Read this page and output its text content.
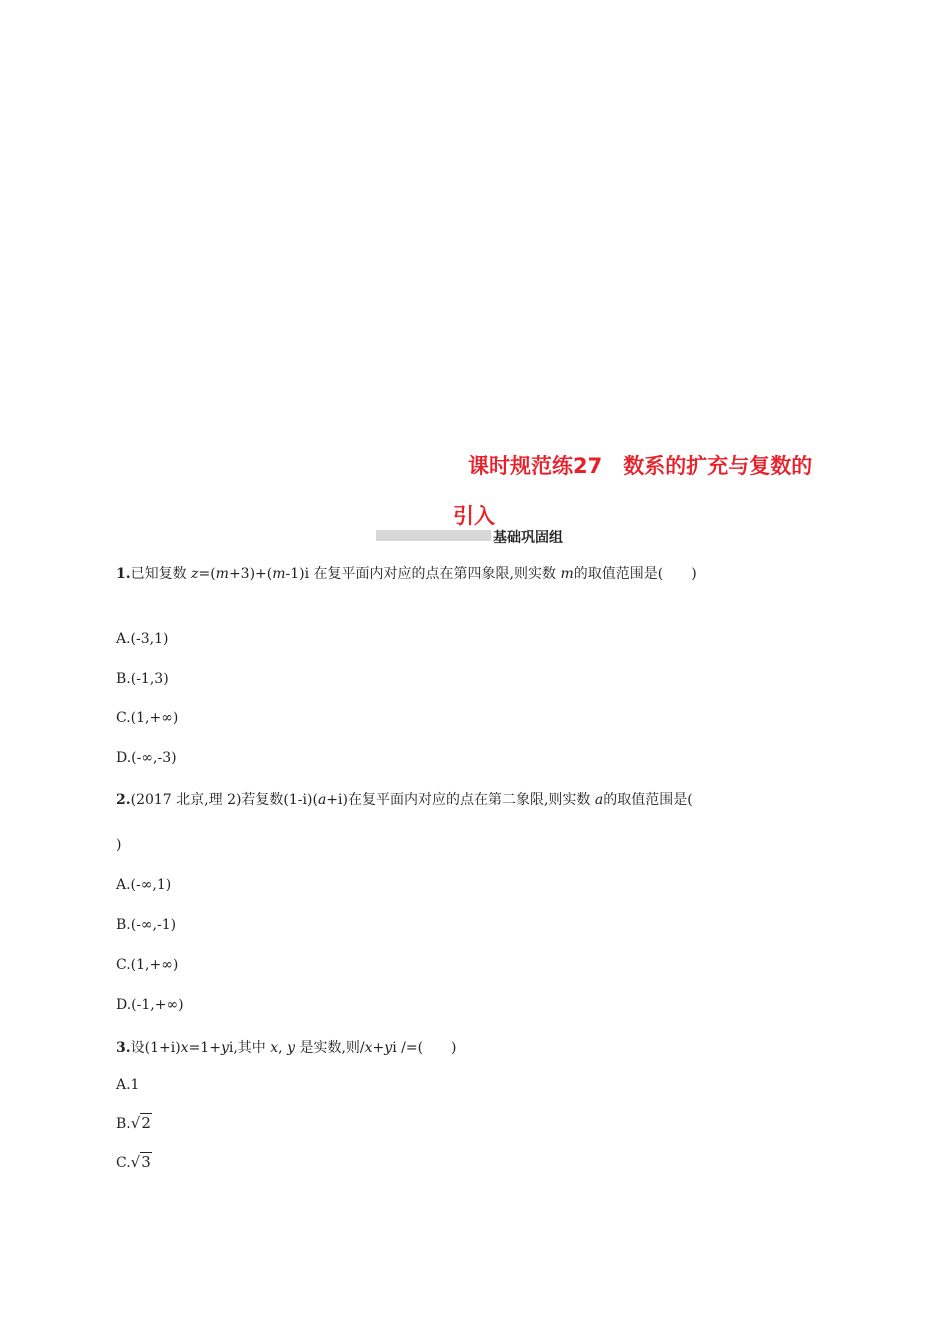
课时规范练27　数系的扩充与复数的
引入
基础巩固组
1.已知复数 z=(m+3)+(m-1)i 在复平面内对应的点在第四象限,则实数 m的取值范围是(　　)
A.(-3,1)
B.(-1,3)
C.(1,+∞)
D.(-∞,-3)
2.(2017 北京,理 2)若复数(1-i)(a+i)在复平面内对应的点在第二象限,则实数 a的取值范围是(
)
A.(-∞,1)
B.(-∞,-1)
C.(1,+∞)
D.(-1,+∞)
3.设(1+i)x=1+yi,其中 x, y 是实数,则/x+yi /=(　　)
A.1
B.√2
C.√3
